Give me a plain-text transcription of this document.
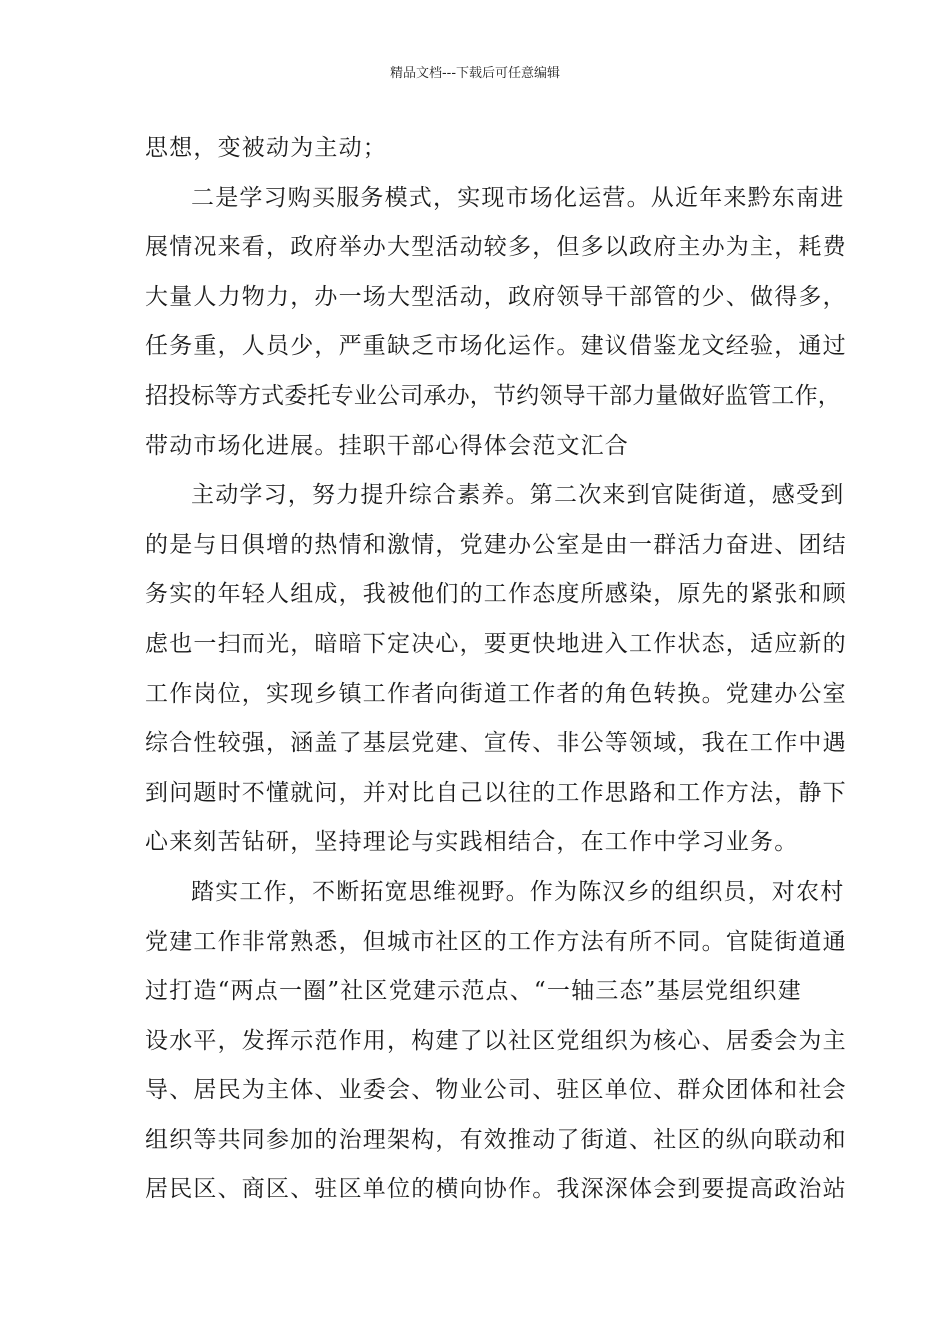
精品文档---下载后可任意编辑
思想，变被动为主动；
二是学习购买服务模式，实现市场化运营。从近年来黔东南进
展情况来看，政府举办大型活动较多，但多以政府主办为主，耗费
大量人力物力，办一场大型活动，政府领导干部管的少、做得多，
任务重，人员少，严重缺乏市场化运作。建议借鉴龙文经验，通过
招投标等方式委托专业公司承办，节约领导干部力量做好监管工作，
带动市场化进展。挂职干部心得体会范文汇合
主动学习，努力提升综合素养。第二次来到官陡街道，感受到
的是与日俱增的热情和激情，党建办公室是由一群活力奋进、团结
务实的年轻人组成，我被他们的工作态度所感染，原先的紧张和顾
虑也一扫而光，暗暗下定决心，要更快地进入工作状态，适应新的
工作岗位，实现乡镇工作者向街道工作者的角色转换。党建办公室
综合性较强，涵盖了基层党建、宣传、非公等领域，我在工作中遇
到问题时不懂就问，并对比自己以往的工作思路和工作方法，静下
心来刻苦钻研，坚持理论与实践相结合，在工作中学习业务。
踏实工作，不断拓宽思维视野。作为陈汉乡的组织员，对农村
党建工作非常熟悉，但城市社区的工作方法有所不同。官陡街道通
过打造“两点一圈”社区党建示范点、“一轴三态”基层党组织建
设水平，发挥示范作用，构建了以社区党组织为核心、居委会为主
导、居民为主体、业委会、物业公司、驻区单位、群众团体和社会
组织等共同参加的治理架构，有效推动了街道、社区的纵向联动和
居民区、商区、驻区单位的横向协作。我深深体会到要提高政治站
